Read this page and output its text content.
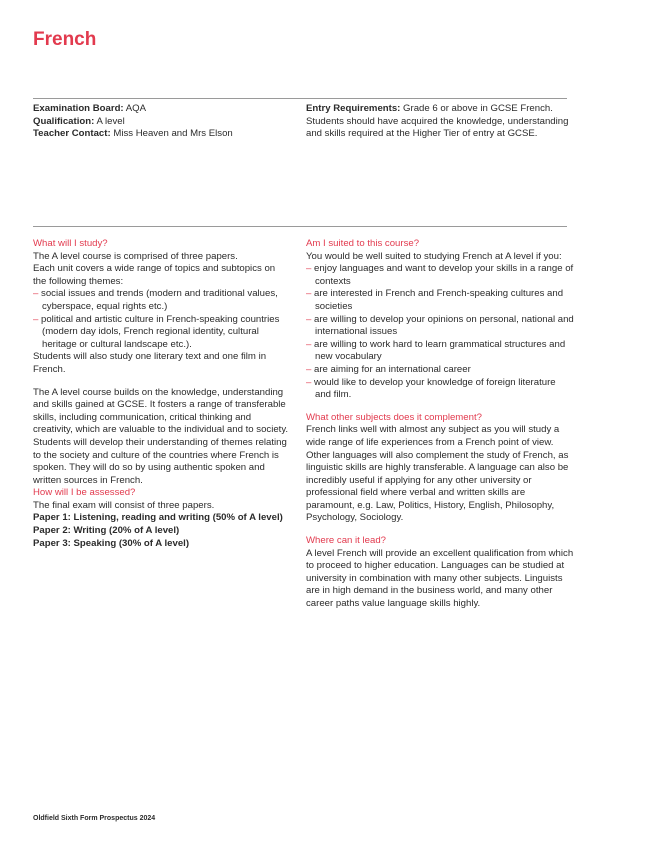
French

Examination Board: AQA

Qualification: A level

Teacher Contact: Miss Heaven and Mrs Elson

Entry Requirements: Grade 6 or above in GCSE French. Students should have acquired the knowledge, understanding and skills required at the Higher Tier of entry at GCSE.

What will I study?

The A level course is comprised of three papers.

Each unit covers a wide range of topics and subtopics on the following themes:

– social issues and trends (modern and traditional values, cyberspace, equal rights etc.)

– political and artistic culture in French-speaking countries (modern day idols, French regional identity, cultural heritage or cultural landscape etc.).

Students will also study one literary text and one film in French.

The A level course builds on the knowledge, understanding and skills gained at GCSE. It fosters a range of transferable skills, including communication, critical thinking and creativity, which are valuable to the individual and to society. Students will develop their understanding of themes relating to the society and culture of the countries where French is spoken. They will do so by using authentic spoken and written sources in French.

How will I be assessed?

The final exam will consist of three papers.

Paper 1: Listening, reading and writing (50% of A level)

Paper 2: Writing (20% of A level)

Paper 3: Speaking (30% of A level)

Am I suited to this course?

You would be well suited to studying French at A level if you:

– enjoy languages and want to develop your skills in a range of contexts

– are interested in French and French-speaking cultures and societies

– are willing to develop your opinions on personal, national and international issues

– are willing to work hard to learn grammatical structures and new vocabulary

– are aiming for an international career

– would like to develop your knowledge of foreign literature and film.

What other subjects does it complement?

French links well with almost any subject as you will study a wide range of life experiences from a French point of view. Other languages will also complement the study of French, as linguistic skills are highly transferable. A language can also be incredibly useful if applying for any other university or professional field where verbal and written skills are paramount, e.g. Law, Politics, History, English, Philosophy, Psychology, Sociology.

Where can it lead?

A level French will provide an excellent qualification from which to proceed to higher education. Languages can be studied at university in combination with many other subjects. Linguists are in high demand in the business world, and many other career paths value language skills highly.

Oldfield Sixth Form Prospectus 2024
